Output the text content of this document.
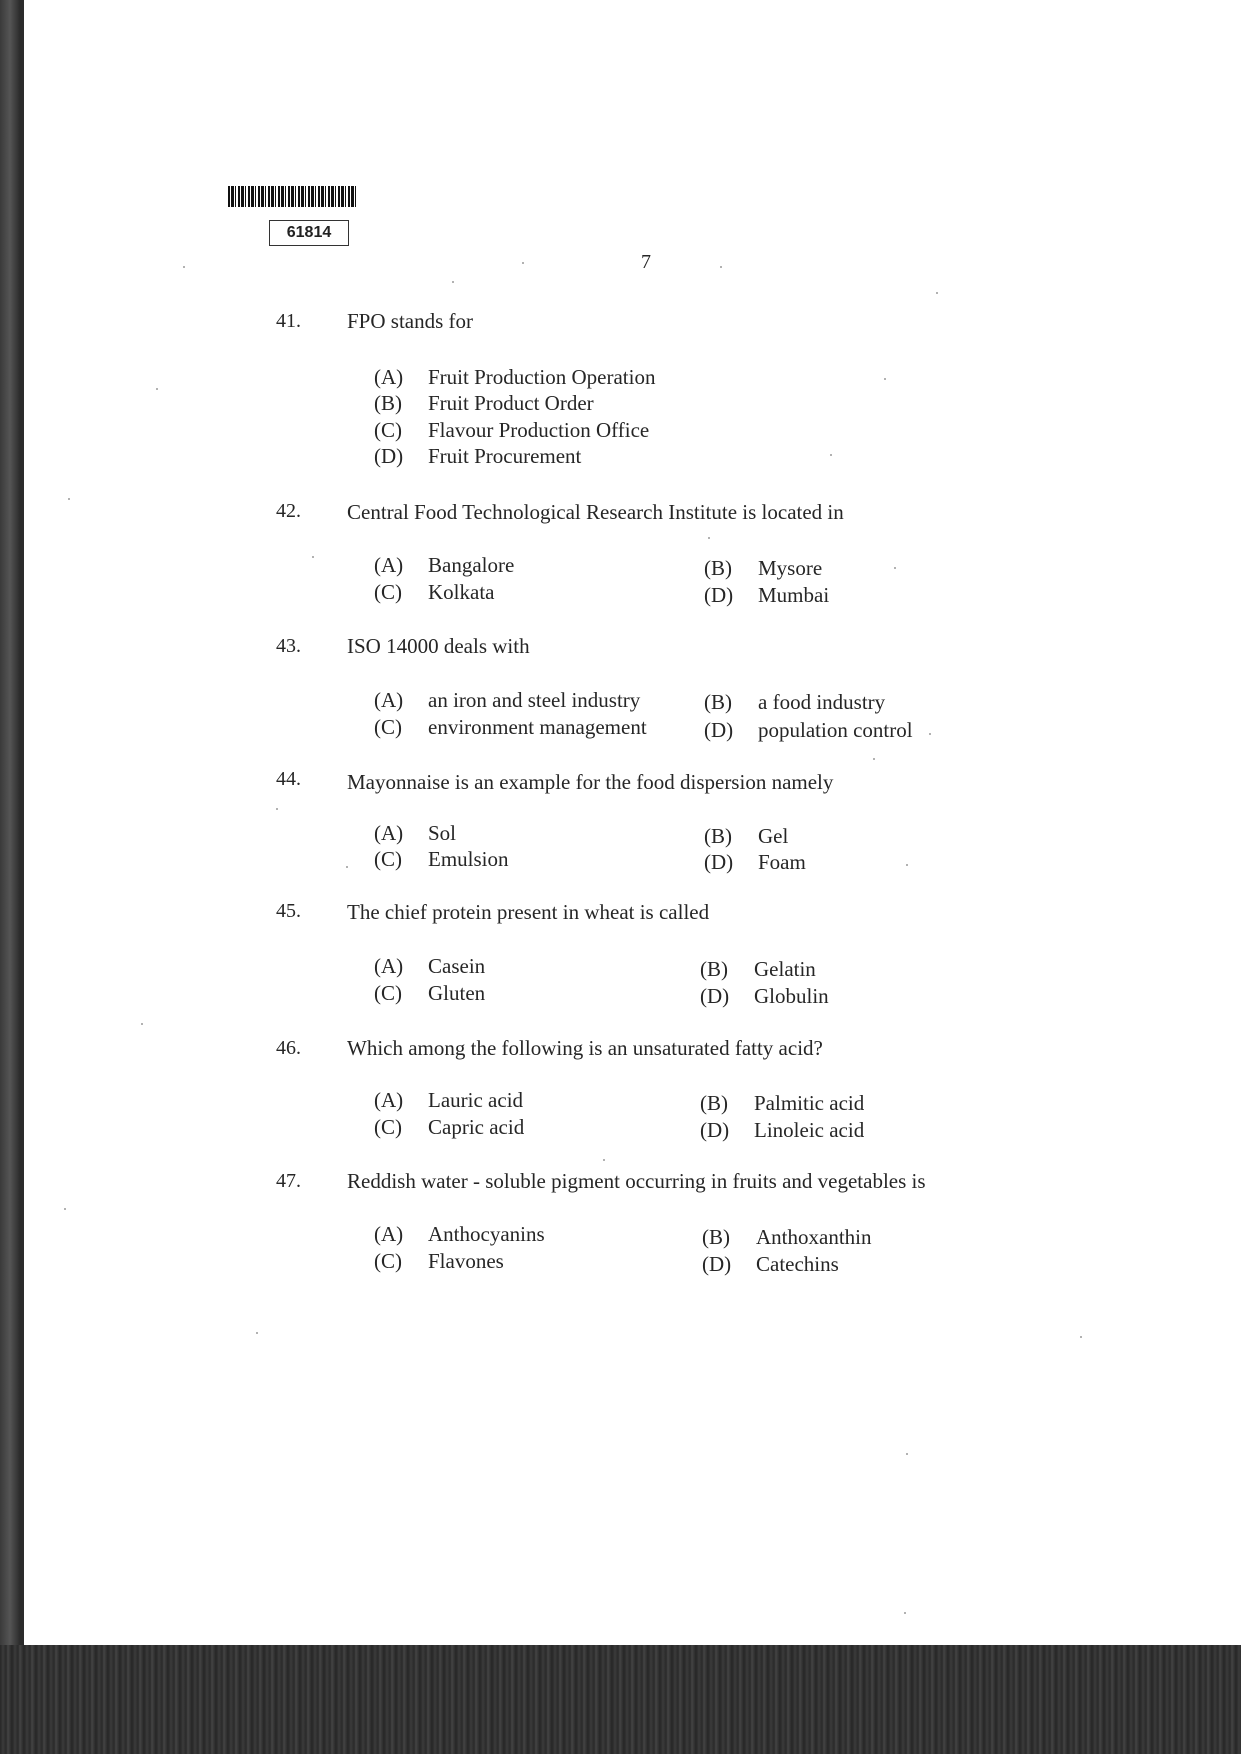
61814
7
41. FPO stands for
(A) Fruit Production Operation
(B) Fruit Product Order
(C) Flavour Production Office
(D) Fruit Procurement
42. Central Food Technological Research Institute is located in
(A) Bangalore	(B) Mysore
(C) Kolkata	(D) Mumbai
43. ISO 14000 deals with
(A) an iron and steel industry	(B) a food industry
(C) environment management	(D) population control
44. Mayonnaise is an example for the food dispersion namely
(A) Sol	(B) Gel
(C) Emulsion	(D) Foam
45. The chief protein present in wheat is called
(A) Casein	(B) Gelatin
(C) Gluten	(D) Globulin
46. Which among the following is an unsaturated fatty acid?
(A) Lauric acid	(B) Palmitic acid
(C) Capric acid	(D) Linoleic acid
47. Reddish water - soluble pigment occurring in fruits and vegetables is
(A) Anthocyanins	(B) Anthoxanthin
(C) Flavones	(D) Catechins
